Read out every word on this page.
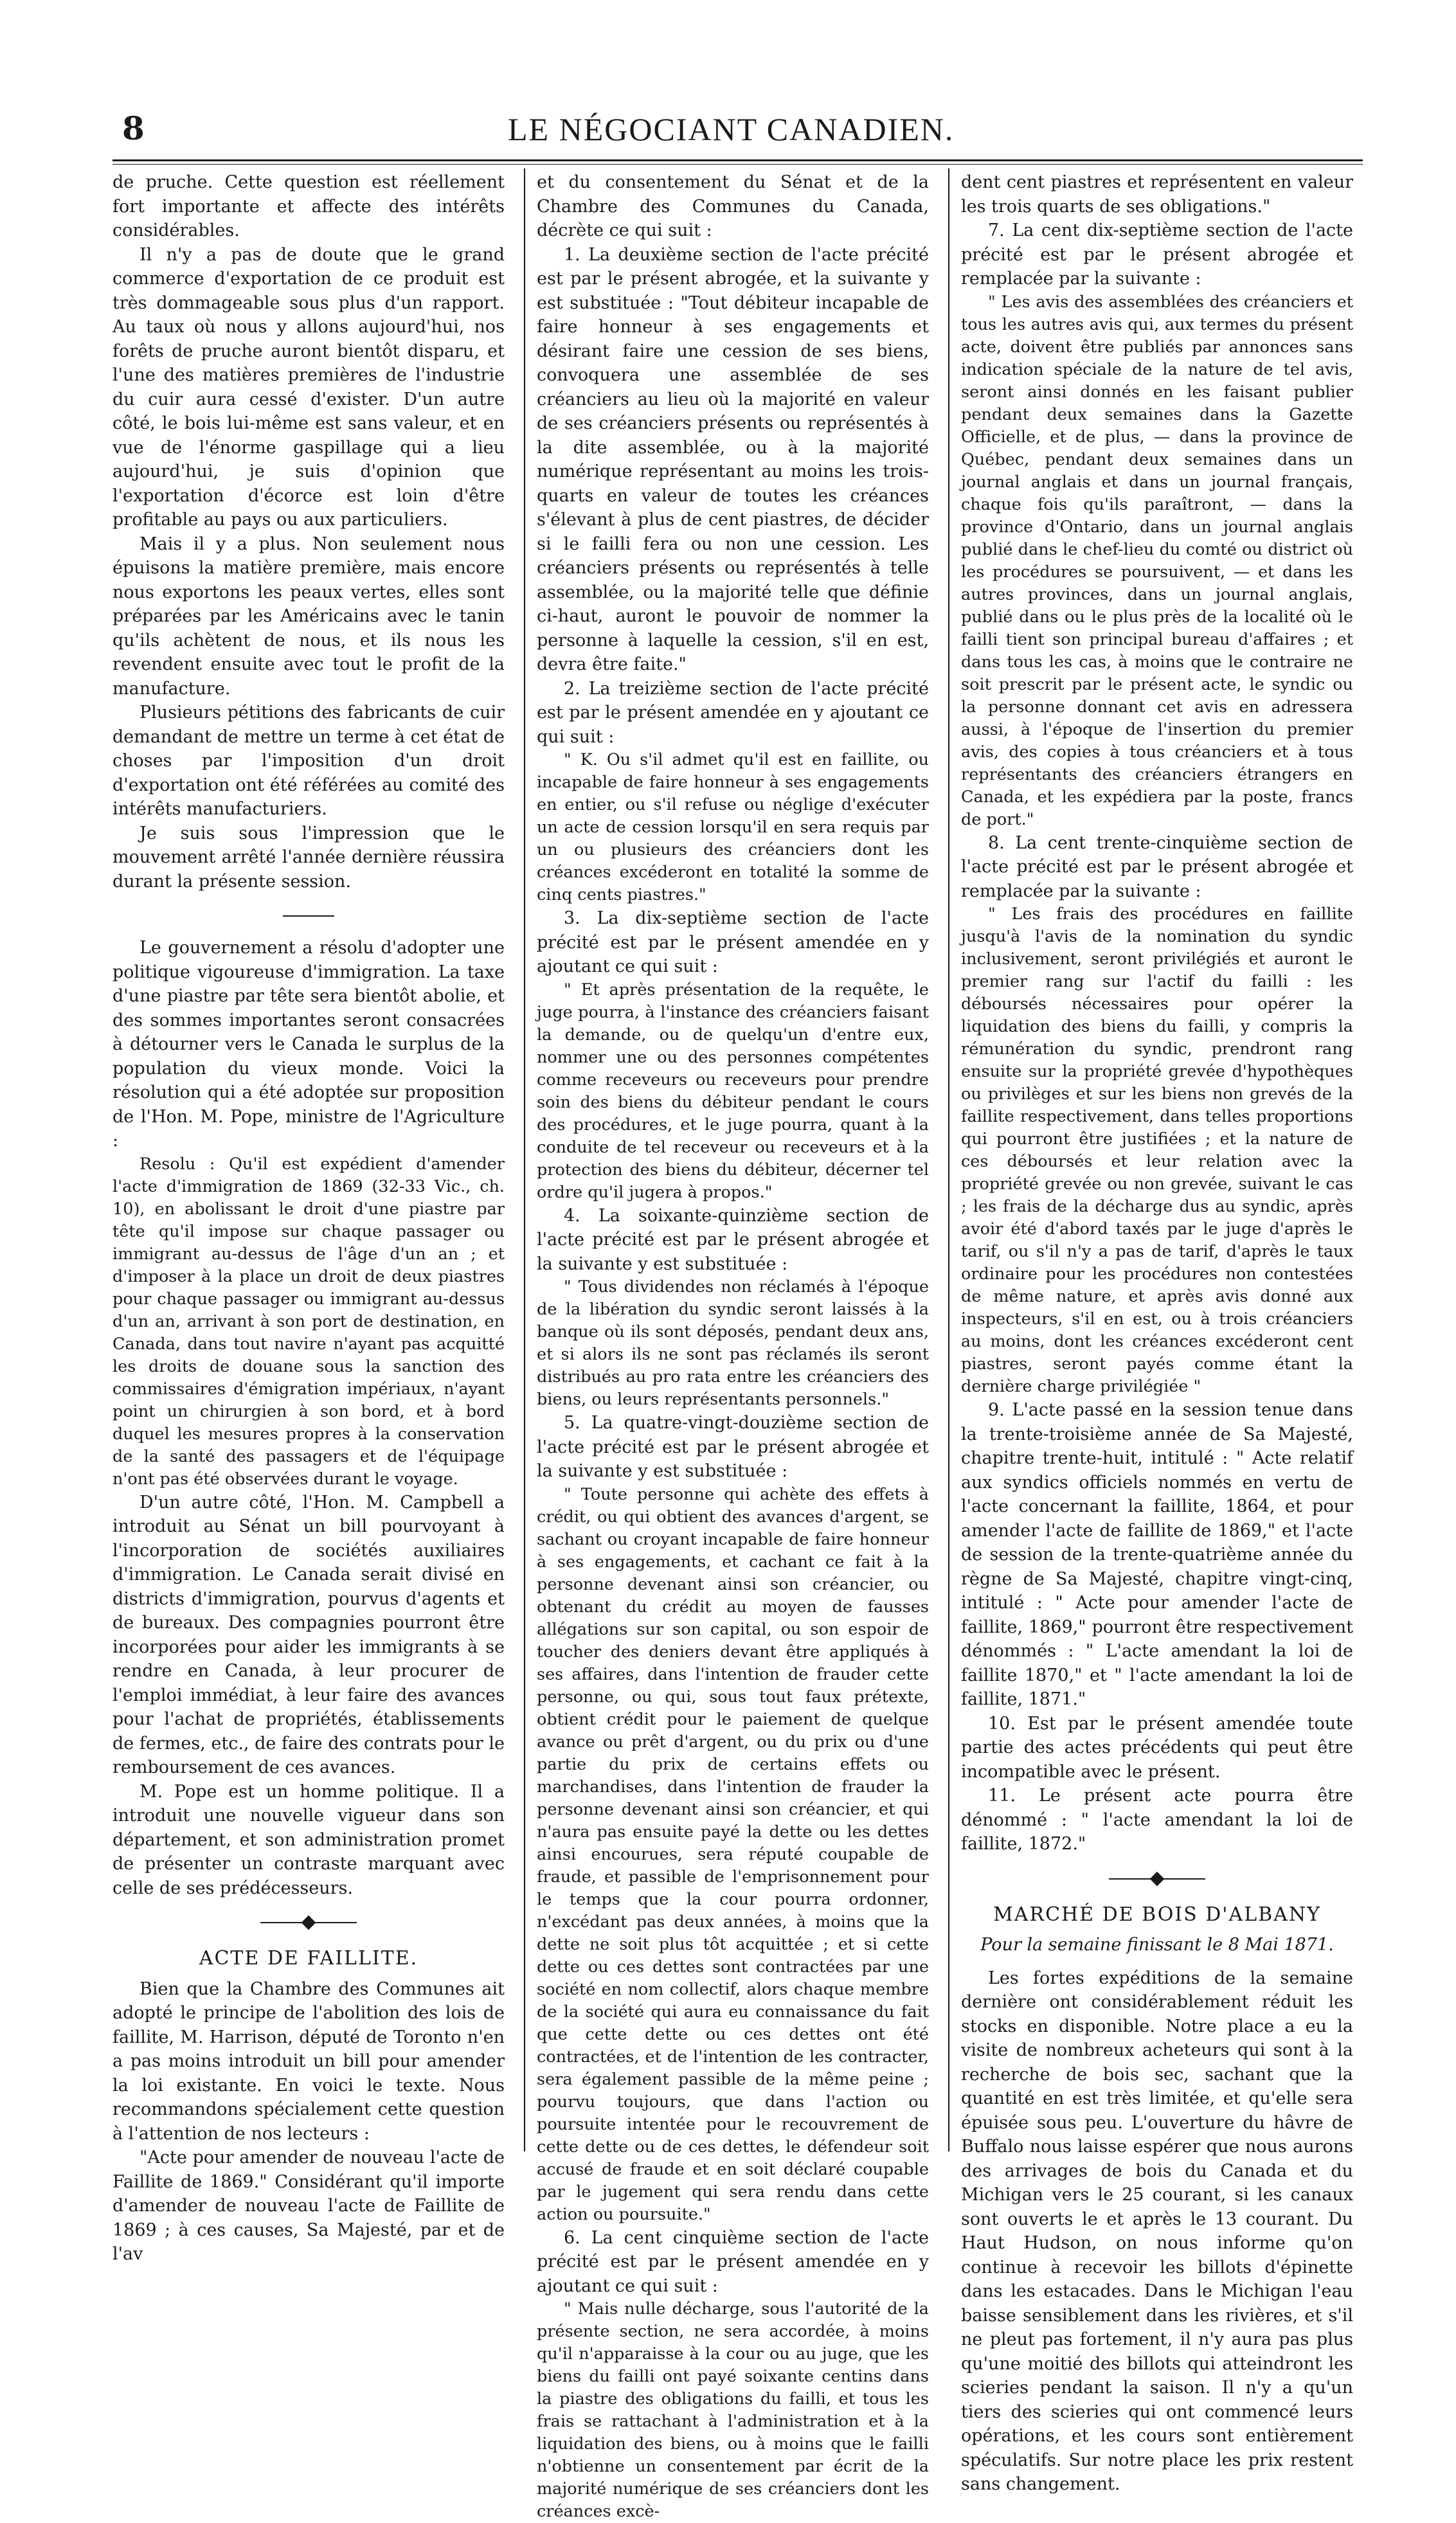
8	LE NÉGOCIANT CANADIEN.

de pruche. Cette question est réellement fort importante et affecte des intérêts considérables.

Il n'y a pas de doute que le grand commerce d'exportation de ce produit est très dommageable sous plus d'un rapport. Au taux où nous y allons aujourd'hui, nos forêts de pruche auront bientôt disparu, et l'une des matières premières de l'industrie du cuir aura cessé d'exister. D'un autre côté, le bois lui-même est sans valeur, et en vue de l'énorme gaspillage qui a lieu aujourd'hui, je suis d'opinion que l'exportation d'écorce est loin d'être profitable au pays ou aux particuliers.

Mais il y a plus. Non seulement nous épuisons la matière première, mais encore nous exportons les peaux vertes, elles sont préparées par les Américains avec le tanin qu'ils achètent de nous, et ils nous les revendent ensuite avec tout le profit de la manufacture.

Plusieurs pétitions des fabricants de cuir demandant de mettre un terme à cet état de choses par l'imposition d'un droit d'exportation ont été référées au comité des intérêts manufacturiers.

Je suis sous l'impression que le mouvement arrêté l'année dernière réussira durant la présente session.

Le gouvernement a résolu d'adopter une politique vigoureuse d'immigration. La taxe d'une piastre par tête sera bientôt abolie, et des sommes importantes seront consacrées à détourner vers le Canada le surplus de la population du vieux monde. Voici la résolution qui a été adoptée sur proposition de l'Hon. M. Pope, ministre de l'Agriculture :

Resolu : Qu'il est expédient d'amender l'acte d'immigration de 1869 (32-33 Vic., ch. 10), en abolissant le droit d'une piastre par tête qu'il impose sur chaque passager ou immigrant au-dessus de l'âge d'un an ; et d'imposer à la place un droit de deux piastres pour chaque passager ou immigrant au-dessus d'un an, arrivant à son port de destination, en Canada, dans tout navire n'ayant pas acquitté les droits de douane sous la sanction des commissaires d'émigration impériaux, n'ayant point un chirurgien à son bord, et à bord duquel les mesures propres à la conservation de la santé des passagers et de l'équipage n'ont pas été observées durant le voyage.

D'un autre côté, l'Hon. M. Campbell a introduit au Sénat un bill pourvoyant à l'incorporation de sociétés auxiliaires d'immigration. Le Canada serait divisé en districts d'immigration, pourvus d'agents et de bureaux. Des compagnies pourront être incorporées pour aider les immigrants à se rendre en Canada, à leur procurer de l'emploi immédiat, à leur faire des avances pour l'achat de propriétés, établissements de fermes, etc., de faire des contrats pour le remboursement de ces avances.

M. Pope est un homme politique. Il a introduit une nouvelle vigueur dans son département, et son administration promet de présenter un contraste marquant avec celle de ses prédécesseurs.

ACTE DE FAILLITE.

Bien que la Chambre des Communes ait adopté le principe de l'abolition des lois de faillite, M. Harrison, député de Toronto n'en a pas moins introduit un bill pour amender la loi existante. En voici le texte. Nous recommandons spécialement cette question à l'attention de nos lecteurs :

"Acte pour amender de nouveau l'acte de Faillite de 1869." Considérant qu'il importe d'amender de nouveau l'acte de Faillite de 1869 ; à ces causes, Sa Majesté, par et de l'av

et du consentement du Sénat et de la Chambre des Communes du Canada, décrète ce qui suit :

1. La deuxième section de l'acte précité est par le présent abrogée, et la suivante y est substituée : "Tout débiteur incapable de faire honneur à ses engagements et désirant faire une cession de ses biens, convoquera une assemblée de ses créanciers au lieu où la majorité en valeur de ses créanciers présents ou représentés à la dite assemblée, ou à la majorité numérique représentant au moins les trois-quarts en valeur de toutes les créances s'élevant à plus de cent piastres, de décider si le failli fera ou non une cession. Les créanciers présents ou représentés à telle assemblée, ou la majorité telle que définie ci-haut, auront le pouvoir de nommer la personne à laquelle la cession, s'il en est, devra être faite."

2. La treizième section de l'acte précité est par le présent amendée en y ajoutant ce qui suit :

" K. Ou s'il admet qu'il est en faillite, ou incapable de faire honneur à ses engagements en entier, ou s'il refuse ou néglige d'exécuter un acte de cession lorsqu'il en sera requis par un ou plusieurs des créanciers dont les créances excéderont en totalité la somme de cinq cents piastres."

3. La dix-septième section de l'acte précité est par le présent amendée en y ajoutant ce qui suit :

" Et après présentation de la requête, le juge pourra, à l'instance des créanciers faisant la demande, ou de quelqu'un d'entre eux, nommer une ou des personnes compétentes comme receveurs ou receveurs pour prendre soin des biens du débiteur pendant le cours des procédures, et le juge pourra, quant à la conduite de tel receveur ou receveurs et à la protection des biens du débiteur, décerner tel ordre qu'il jugera à propos."

4. La soixante-quinzième section de l'acte précité est par le présent abrogée et la suivante y est substituée :

" Tous dividendes non réclamés à l'époque de la libération du syndic seront laissés à la banque où ils sont déposés, pendant deux ans, et si alors ils ne sont pas réclamés ils seront distribués au pro rata entre les créanciers des biens, ou leurs représentants personnels."

5. La quatre-vingt-douzième section de l'acte précité est par le présent abrogée et la suivante y est substituée :

" Toute personne qui achète des effets à crédit, ou qui obtient des avances d'argent, se sachant ou croyant incapable de faire honneur à ses engagements, et cachant ce fait à la personne devenant ainsi son créancier, ou obtenant du crédit au moyen de fausses allégations sur son capital, ou son espoir de toucher des deniers devant être appliqués à ses affaires, dans l'intention de frauder cette personne, ou qui, sous tout faux prétexte, obtient crédit pour le paiement de quelque avance ou prêt d'argent, ou du prix ou d'une partie du prix de certains effets ou marchandises, dans l'intention de frauder la personne devenant ainsi son créancier, et qui n'aura pas ensuite payé la dette ou les dettes ainsi encourues, sera réputé coupable de fraude, et passible de l'emprisonnement pour le temps que la cour pourra ordonner, n'excédant pas deux années, à moins que la dette ne soit plus tôt acquittée ; et si cette dette ou ces dettes sont contractées par une société en nom collectif, alors chaque membre de la société qui aura eu connaissance du fait que cette dette ou ces dettes ont été contractées, et de l'intention de les contracter, sera également passible de la même peine ; pourvu toujours, que dans l'action ou poursuite intentée pour le recouvrement de cette dette ou de ces dettes, le défendeur soit accusé de fraude et en soit déclaré coupable par le jugement qui sera rendu dans cette action ou poursuite."

6. La cent cinquième section de l'acte précité est par le présent amendée en y ajoutant ce qui suit :

" Mais nulle décharge, sous l'autorité de la présente section, ne sera accordée, à moins qu'il n'apparaisse à la cour ou au juge, que les biens du failli ont payé soixante centins dans la piastre des obligations du failli, et tous les frais se rattachant à l'administration et à la liquidation des biens, ou à moins que le failli n'obtienne un consentement par écrit de la majorité numérique de ses créanciers dont les créances excè-

dent cent piastres et représentent en valeur les trois quarts de ses obligations."

7. La cent dix-septième section de l'acte précité est par le présent abrogée et remplacée par la suivante :

" Les avis des assemblées des créanciers et tous les autres avis qui, aux termes du présent acte, doivent être publiés par annonces sans indication spéciale de la nature de tel avis, seront ainsi donnés en les faisant publier pendant deux semaines dans la Gazette Officielle, et de plus, — dans la province de Québec, pendant deux semaines dans un journal anglais et dans un journal français, chaque fois qu'ils paraîtront, — dans la province d'Ontario, dans un journal anglais publié dans le chef-lieu du comté ou district où les procédures se poursuivent, — et dans les autres provinces, dans un journal anglais, publié dans ou le plus près de la localité où le failli tient son principal bureau d'affaires ; et dans tous les cas, à moins que le contraire ne soit prescrit par le présent acte, le syndic ou la personne donnant cet avis en adressera aussi, à l'époque de l'insertion du premier avis, des copies à tous créanciers et à tous représentants des créanciers étrangers en Canada, et les expédiera par la poste, francs de port."

8. La cent trente-cinquième section de l'acte précité est par le présent abrogée et remplacée par la suivante :

" Les frais des procédures en faillite jusqu'à l'avis de la nomination du syndic inclusivement, seront privilégiés et auront le premier rang sur l'actif du failli : les déboursés nécessaires pour opérer la liquidation des biens du failli, y compris la rémunération du syndic, prendront rang ensuite sur la propriété grevée d'hypothèques ou privilèges et sur les biens non grevés de la faillite respectivement, dans telles proportions qui pourront être justifiées ; et la nature de ces déboursés et leur relation avec la propriété grevée ou non grevée, suivant le cas ; les frais de la décharge dus au syndic, après avoir été d'abord taxés par le juge d'après le tarif, ou s'il n'y a pas de tarif, d'après le taux ordinaire pour les procédures non contestées de même nature, et après avis donné aux inspecteurs, s'il en est, ou à trois créanciers au moins, dont les créances excéderont cent piastres, seront payés comme étant la dernière charge privilégiée "

9. L'acte passé en la session tenue dans la trente-troisième année de Sa Majesté, chapitre trente-huit, intitulé : " Acte relatif aux syndics officiels nommés en vertu de l'acte concernant la faillite, 1864, et pour amender l'acte de faillite de 1869," et l'acte de session de la trente-quatrième année du règne de Sa Majesté, chapitre vingt-cinq, intitulé : " Acte pour amender l'acte de faillite, 1869," pourront être respectivement dénommés : " L'acte amendant la loi de faillite 1870," et " l'acte amendant la loi de faillite, 1871."

10. Est par le présent amendée toute partie des actes précédents qui peut être incompatible avec le présent.

11. Le présent acte pourra être dénommé : " l'acte amendant la loi de faillite, 1872."

MARCHÉ DE BOIS D'ALBANY
Pour la semaine finissant le 8 Mai 1871.

Les fortes expéditions de la semaine dernière ont considérablement réduit les stocks en disponible. Notre place a eu la visite de nombreux acheteurs qui sont à la recherche de bois sec, sachant que la quantité en est très limitée, et qu'elle sera épuisée sous peu. L'ouverture du hâvre de Buffalo nous laisse espérer que nous aurons des arrivages de bois du Canada et du Michigan vers le 25 courant, si les canaux sont ouverts le et après le 13 courant. Du Haut Hudson, on nous informe qu'on continue à recevoir les billots d'épinette dans les estacades. Dans le Michigan l'eau baisse sensiblement dans les rivières, et s'il ne pleut pas fortement, il n'y aura pas plus qu'une moitié des billots qui atteindront les scieries pendant la saison. Il n'y a qu'un tiers des scieries qui ont commencé leurs opérations, et les cours sont entièrement spéculatifs. Sur notre place les prix restent sans changement.
